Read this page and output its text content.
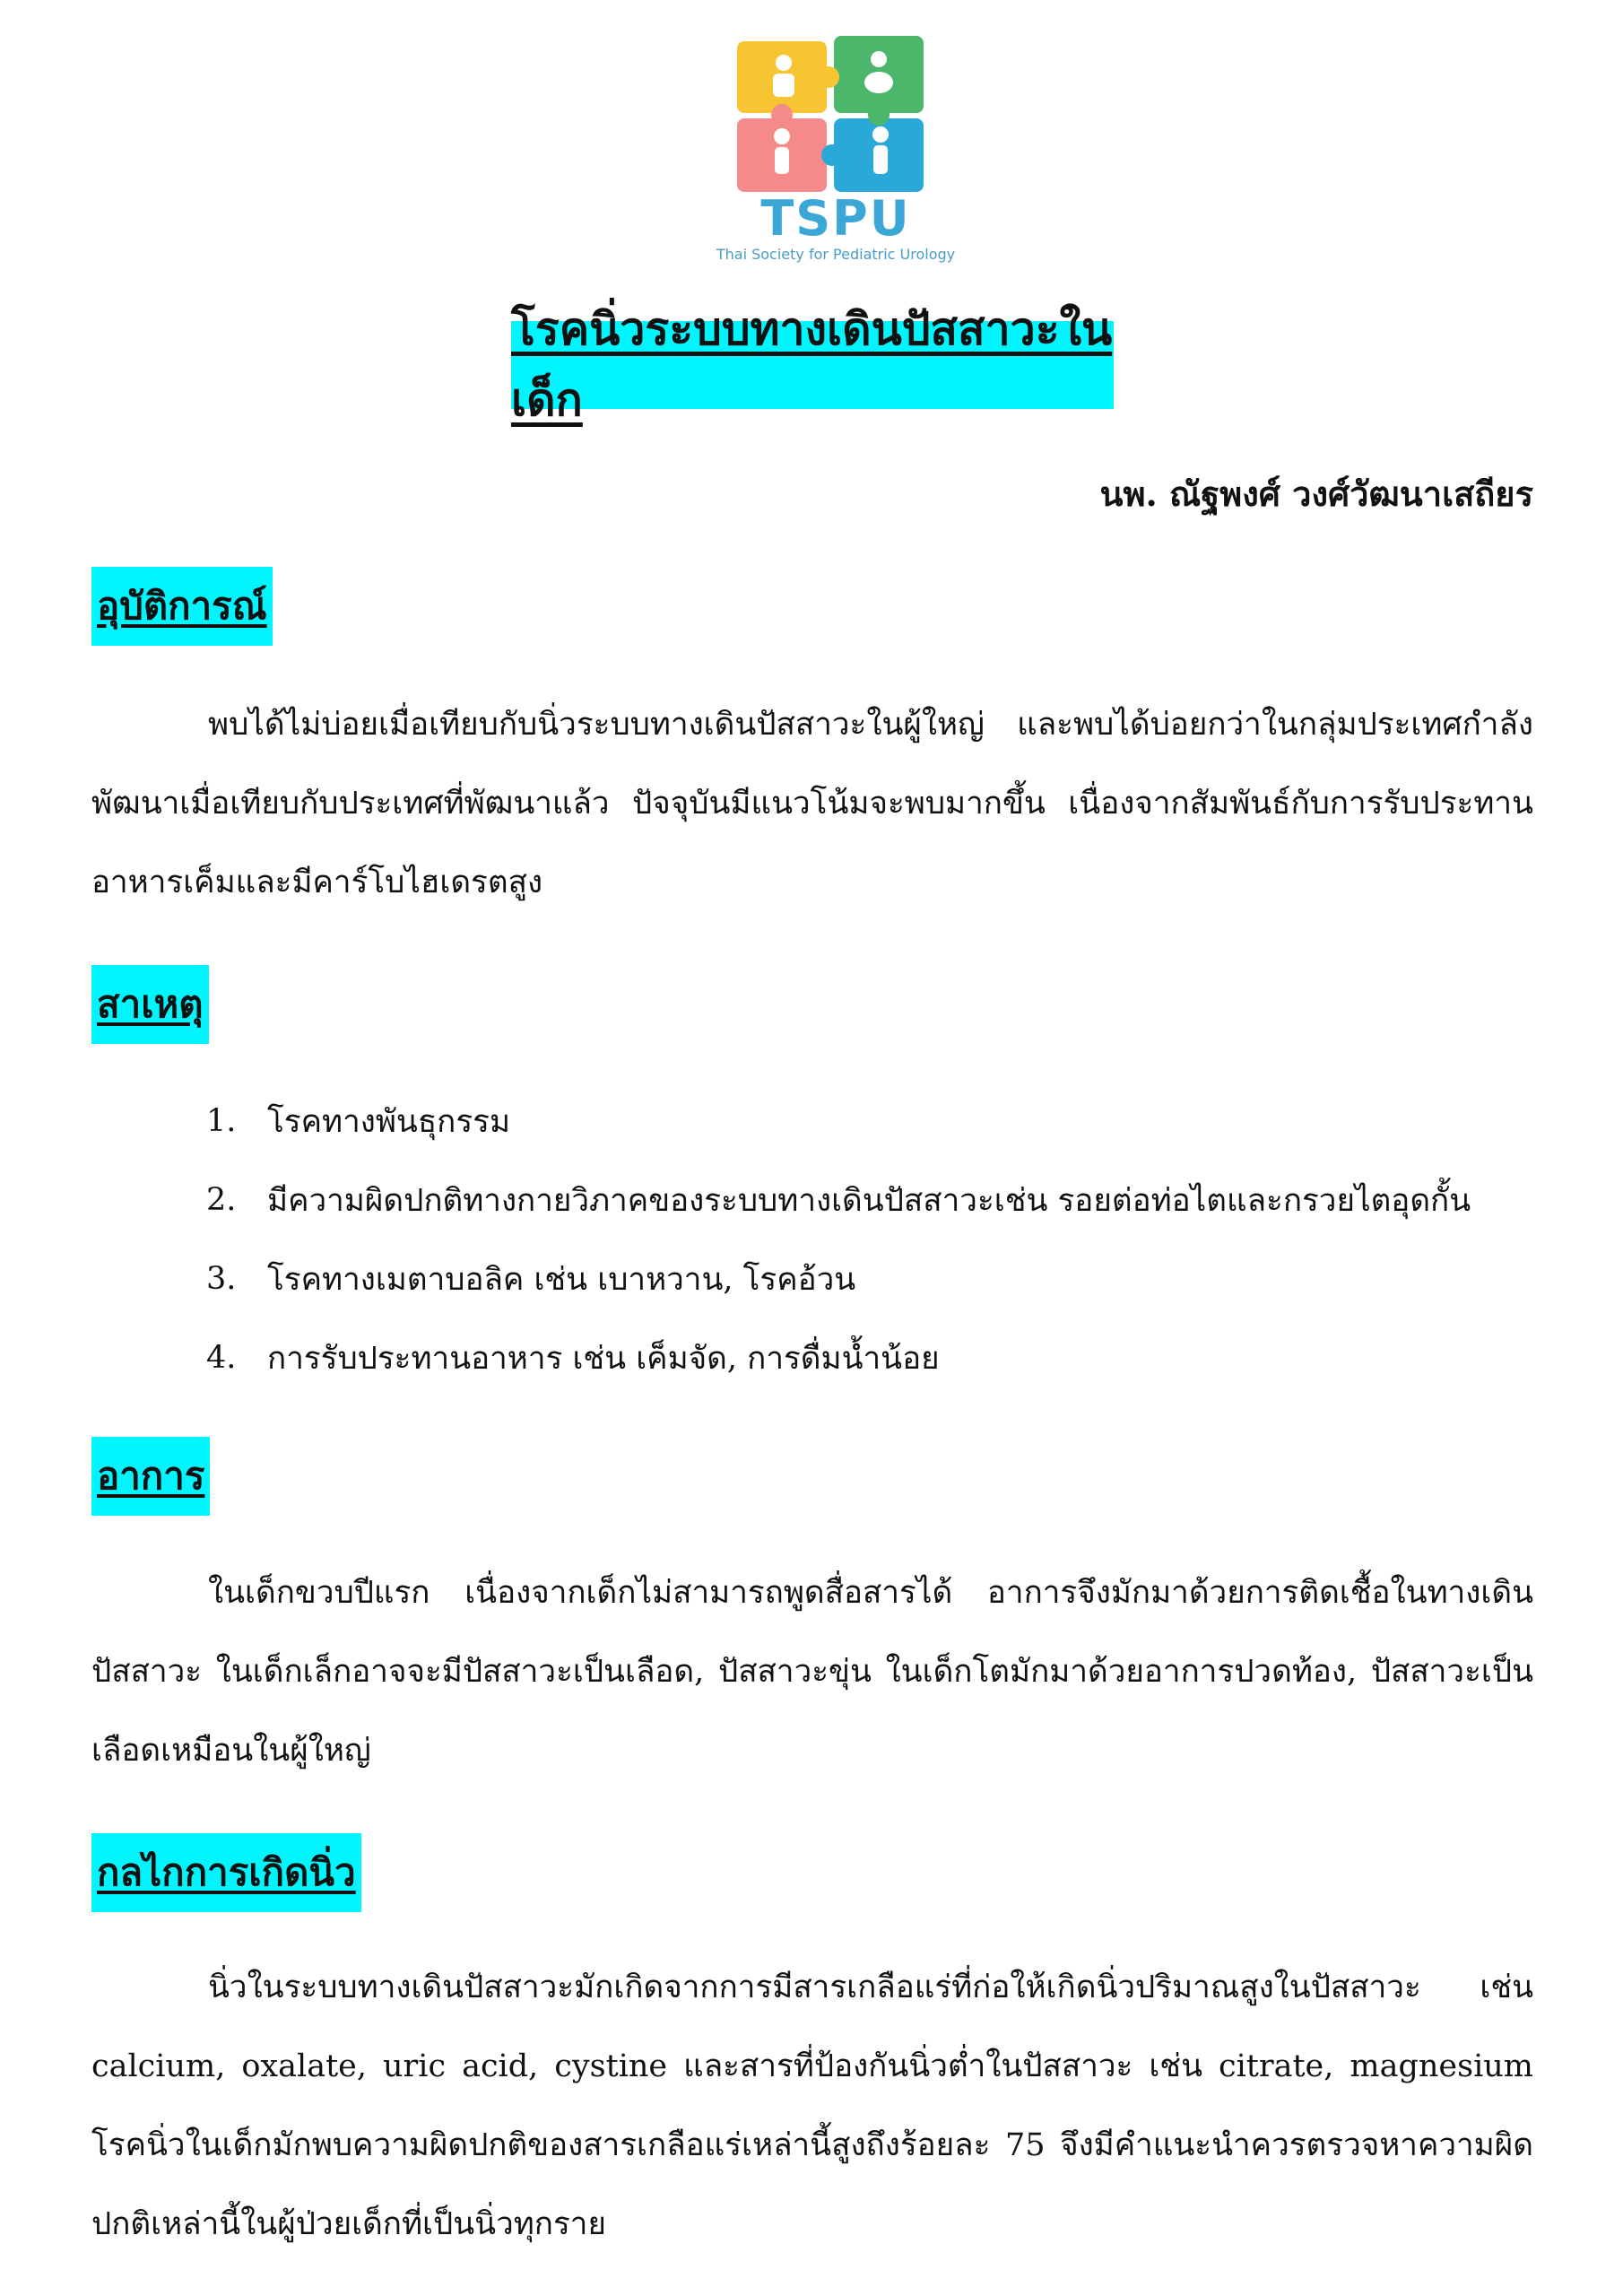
TSPU
Thai Society for Pediatric Urology
โรคนิ่วระบบทางเดินปัสสาวะในเด็ก
นพ. ณัฐพงศ์ วงศ์วัฒนาเสถียร
อุบัติการณ์

พบได้ไม่บ่อยเมื่อเทียบกับนิ่วระบบทางเดินปัสสาวะในผู้ใหญ่ และพบได้บ่อยกว่าในกลุ่มประเทศกำลังพัฒนาเมื่อเทียบกับประเทศที่พัฒนาแล้ว ปัจจุบันมีแนวโน้มจะพบมากขึ้น เนื่องจากสัมพันธ์กับการรับประทานอาหารเค็มและมีคาร์โบไฮเดรตสูง

สาเหตุ
1. โรคทางพันธุกรรม
2. มีความผิดปกติทางกายวิภาคของระบบทางเดินปัสสาวะเช่น รอยต่อท่อไตและกรวยไตอุดกั้น
3. โรคทางเมตาบอลิค เช่น เบาหวาน, โรคอ้วน
4. การรับประทานอาหาร เช่น เค็มจัด, การดื่มน้ำน้อย
อาการ

ในเด็กขวบปีแรก เนื่องจากเด็กไม่สามารถพูดสื่อสารได้ อาการจึงมักมาด้วยการติดเชื้อในทางเดินปัสสาวะ ในเด็กเล็กอาจจะมีปัสสาวะเป็นเลือด, ปัสสาวะขุ่น ในเด็กโตมักมาด้วยอาการปวดท้อง, ปัสสาวะเป็นเลือดเหมือนในผู้ใหญ่

กลไกการเกิดนิ่ว

นิ่วในระบบทางเดินปัสสาวะมักเกิดจากการมีสารเกลือแร่ที่ก่อให้เกิดนิ่วปริมาณสูงในปัสสาวะ เช่น calcium, oxalate, uric acid, cystine และสารที่ป้องกันนิ่วต่ำในปัสสาวะ เช่น citrate, magnesium โรคนิ่วในเด็กมักพบความผิดปกติของสารเกลือแร่เหล่านี้สูงถึงร้อยละ 75 จึงมีคำแนะนำควรตรวจหาความผิดปกติเหล่านี้ในผู้ป่วยเด็กที่เป็นนิ่วทุกราย
